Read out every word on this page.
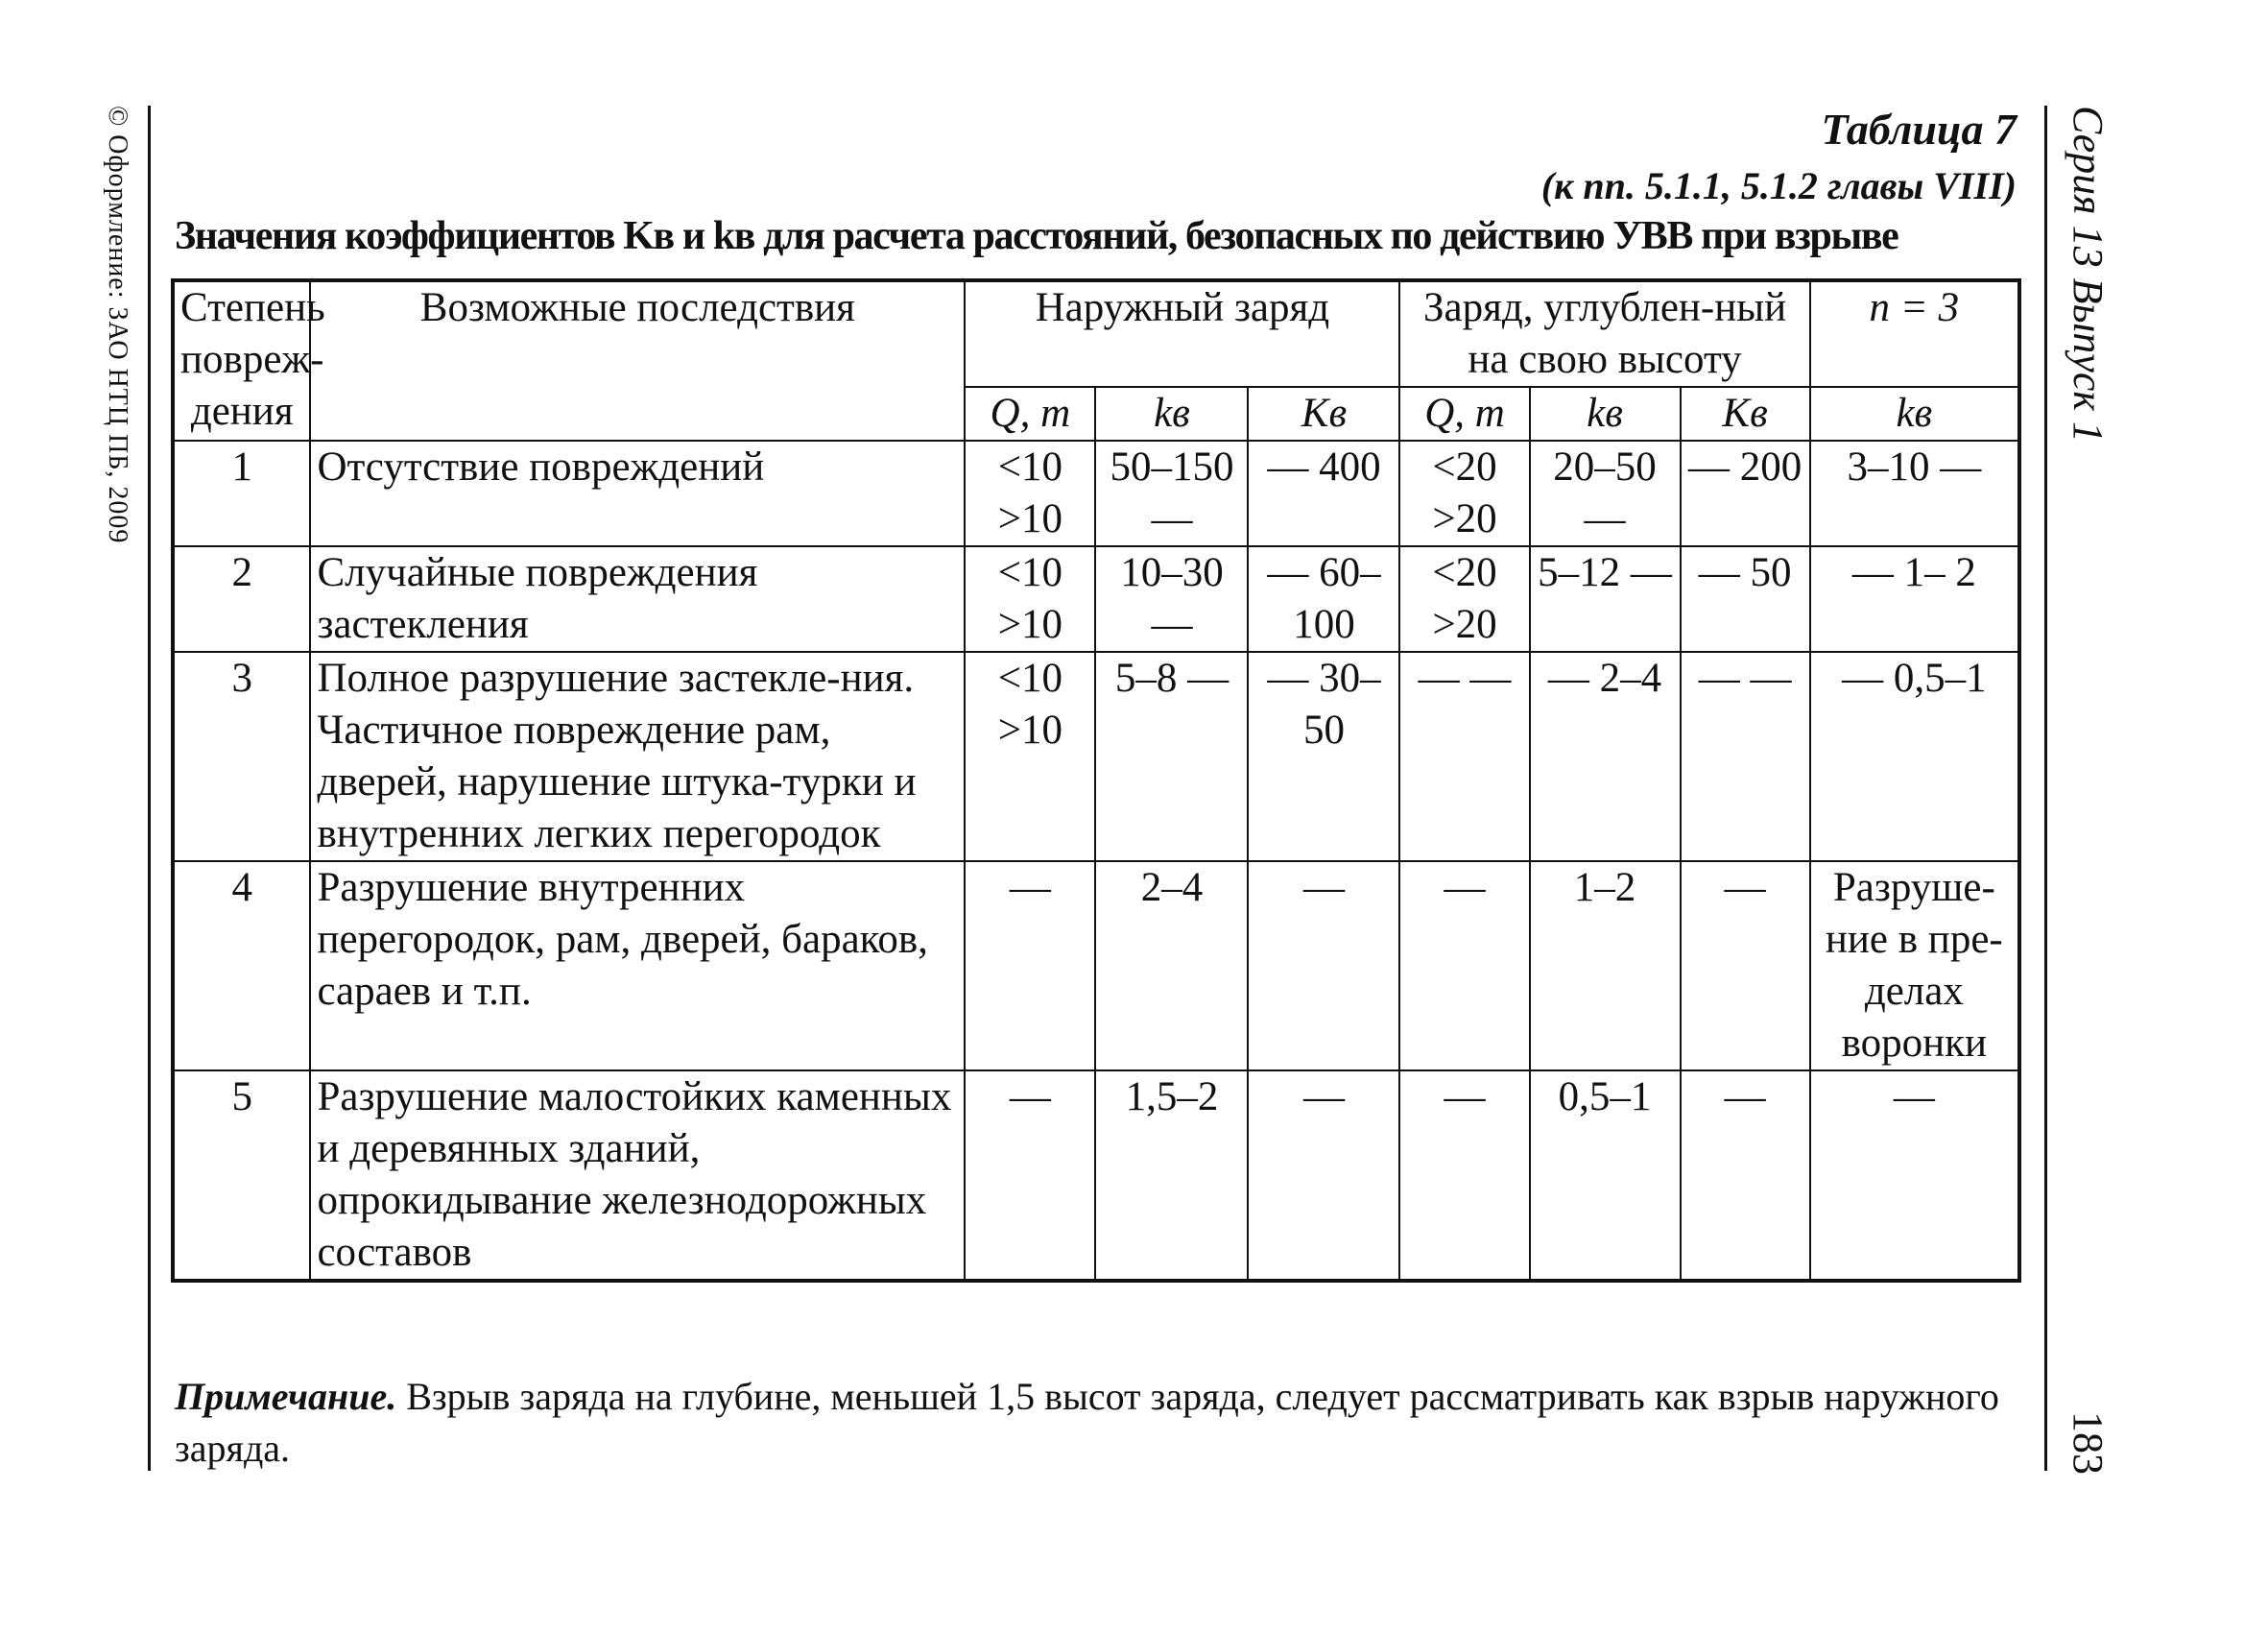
© Оформление: ЗАО НТЦ ПБ, 2009	Серия 13 Выпуск 1
183
Таблица 7
(к пп. 5.1.1, 5.1.2 главы VIII)
Значения коэффициентов Kв и kв для расчета расстояний, безопасных по действию УВВ при взрыве
Степень повреж-дения	Возможные последствия	Наружный заряд			Заряд, углублен-ный на свою высоту			n = 3
		Q, т	kв	Kв	Q, т	kв	Kв	kв
1	Отсутствие повреждений	<10 >10	50–150 —	— 400	<20 >20	20–50 —	— 200	3–10 —
2	Случайные повреждения застекления	<10 >10	10–30 —	— 60–100	<20 >20	5–12 —	— 50	— 1– 2
3	Полное разрушение застекле-ния. Частичное повреждение рам, дверей, нарушение штука-турки и внутренних легких перегородок	<10 >10	5–8 —	— 30–50	— —	— 2–4	— —	— 0,5–1
4	Разрушение внутренних перегородок, рам, дверей, бараков, сараев и т.п.	—	2–4	—	—	1–2	—	Разруше-ние в пре-делах воронки
5	Разрушение малостойких каменных и деревянных зданий, опрокидывание железнодорожных составов	—	1,5–2	—	—	0,5–1	—	—
Примечание. Взрыв заряда на глубине, меньшей 1,5 высот заряда, следует рассматривать как взрыв наружного заряда.
